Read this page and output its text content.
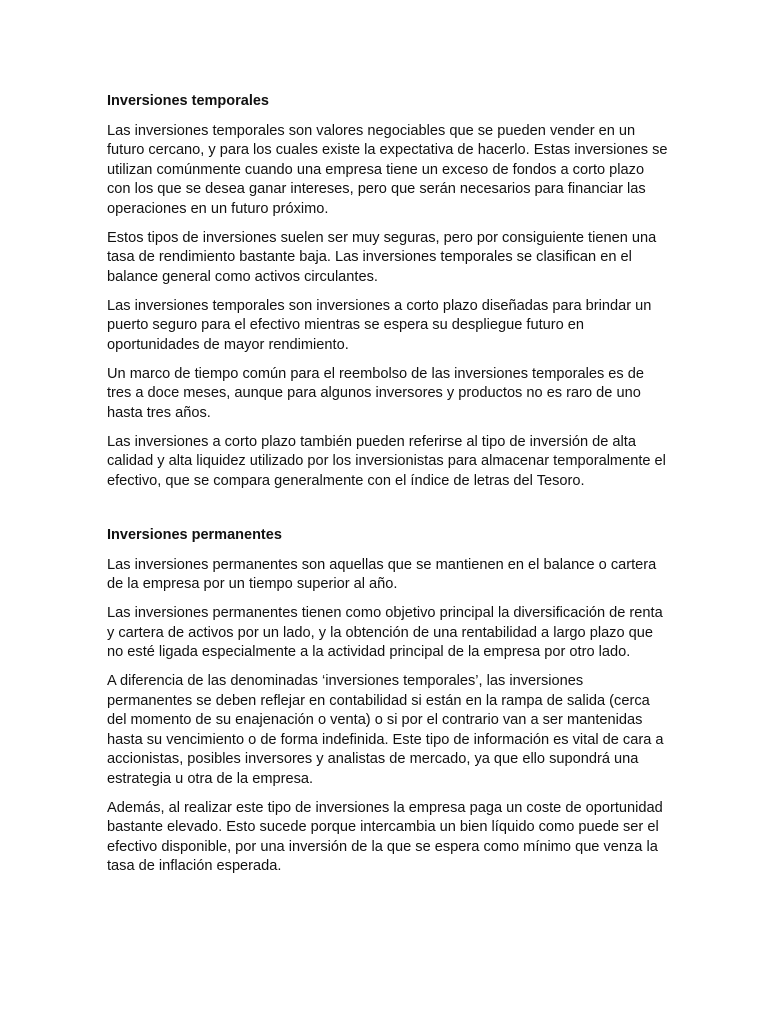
Inversiones temporales

Las inversiones temporales son valores negociables que se pueden vender en un futuro cercano, y para los cuales existe la expectativa de hacerlo. Estas inversiones se utilizan comúnmente cuando una empresa tiene un exceso de fondos a corto plazo con los que se desea ganar intereses, pero que serán necesarios para financiar las operaciones en un futuro próximo.

Estos tipos de inversiones suelen ser muy seguras, pero por consiguiente tienen una tasa de rendimiento bastante baja. Las inversiones temporales se clasifican en el balance general como activos circulantes.

Las inversiones temporales son inversiones a corto plazo diseñadas para brindar un puerto seguro para el efectivo mientras se espera su despliegue futuro en oportunidades de mayor rendimiento.

Un marco de tiempo común para el reembolso de las inversiones temporales es de tres a doce meses, aunque para algunos inversores y productos no es raro de uno hasta tres años.

Las inversiones a corto plazo también pueden referirse al tipo de inversión de alta calidad y alta liquidez utilizado por los inversionistas para almacenar temporalmente el efectivo, que se compara generalmente con el índice de letras del Tesoro.

Inversiones permanentes

Las inversiones permanentes son aquellas que se mantienen en el balance o cartera de la empresa por un tiempo superior al año.

Las inversiones permanentes tienen como objetivo principal la diversificación de renta y cartera de activos por un lado, y la obtención de una rentabilidad a largo plazo que no esté ligada especialmente a la actividad principal de la empresa por otro lado.

A diferencia de las denominadas ‘inversiones temporales’, las inversiones permanentes se deben reflejar en contabilidad si están en la rampa de salida (cerca del momento de su enajenación o venta) o si por el contrario van a ser mantenidas hasta su vencimiento o de forma indefinida. Este tipo de información es vital de cara a accionistas, posibles inversores y analistas de mercado, ya que ello supondrá una estrategia u otra de la empresa.

Además, al realizar este tipo de inversiones la empresa paga un coste de oportunidad bastante elevado. Esto sucede porque intercambia un bien líquido como puede ser el efectivo disponible, por una inversión de la que se espera como mínimo que venza la tasa de inflación esperada.
